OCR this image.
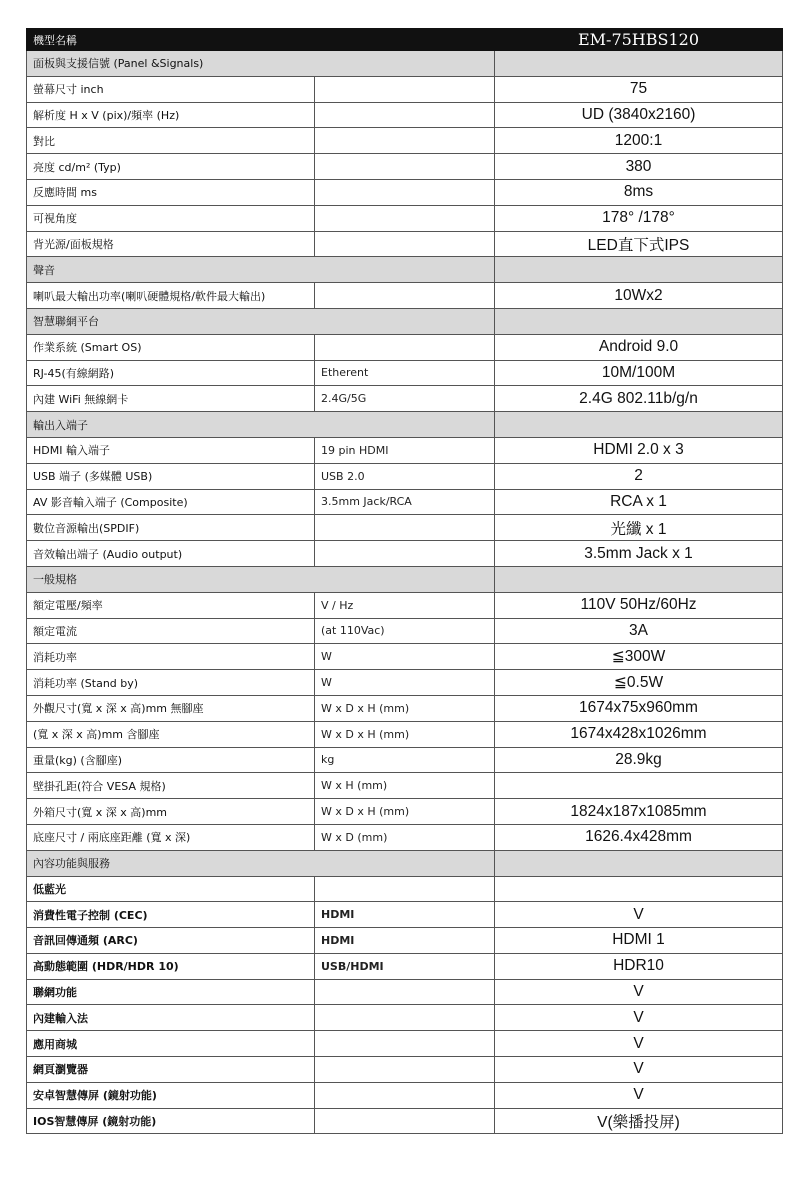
機型名稱		EM-75HBS120
面板與支援信號 (Panel &Signals)		
螢幕尺寸 inch		75
解析度 H x V (pix)/頻率 (Hz)		UD (3840x2160)
對比		1200:1
亮度 cd/m² (Typ)		380
反應時間 ms		8ms
可視角度		178° /178°
背光源/面板規格		LED直下式IPS
聲音		
喇叭最大輸出功率(喇叭硬體規格/軟件最大輸出)		10Wx2
智慧聯網平台		
作業系統 (Smart OS)		Android 9.0
RJ-45(有線網路)	Etherent	10M/100M
內建 WiFi 無線網卡	2.4G/5G	2.4G 802.11b/g/n
輸出入端子		
HDMI 輸入端子	19 pin HDMI	HDMI 2.0 x 3
USB 端子 (多媒體 USB)	USB 2.0	2
AV 影音輸入端子 (Composite)	3.5mm Jack/RCA	RCA x 1
數位音源輸出(SPDIF)		光纖 x 1
音效輸出端子 (Audio output)		3.5mm Jack x 1
一般規格		
額定電壓/頻率	V / Hz	110V 50Hz/60Hz
額定電流	(at 110Vac)	3A
消耗功率	W	≦300W
消耗功率 (Stand by)	W	≦0.5W
外觀尺寸(寬 x 深 x 高)mm 無腳座	W x D x H (mm)	1674x75x960mm
(寬 x 深 x 高)mm 含腳座	W x D x H (mm)	1674x428x1026mm
重量(kg) (含腳座)	kg	28.9kg
壁掛孔距(符合 VESA 規格)	W x H (mm)	
外箱尺寸(寬 x 深 x 高)mm	W x D x H (mm)	1824x187x1085mm
底座尺寸 / 兩底座距離 (寬 x 深)	W x D (mm)	1626.4x428mm
內容功能與服務		
低藍光		
消費性電子控制 (CEC)	HDMI	V
音訊回傳通頻 (ARC)	HDMI	HDMI 1
高動態範圍 (HDR/HDR 10)	USB/HDMI	HDR10
聯網功能		V
內建輸入法		V
應用商城		V
網頁瀏覽器		V
安卓智慧傳屏 (鏡射功能)		V
IOS智慧傳屏 (鏡射功能)		V(樂播投屏)
